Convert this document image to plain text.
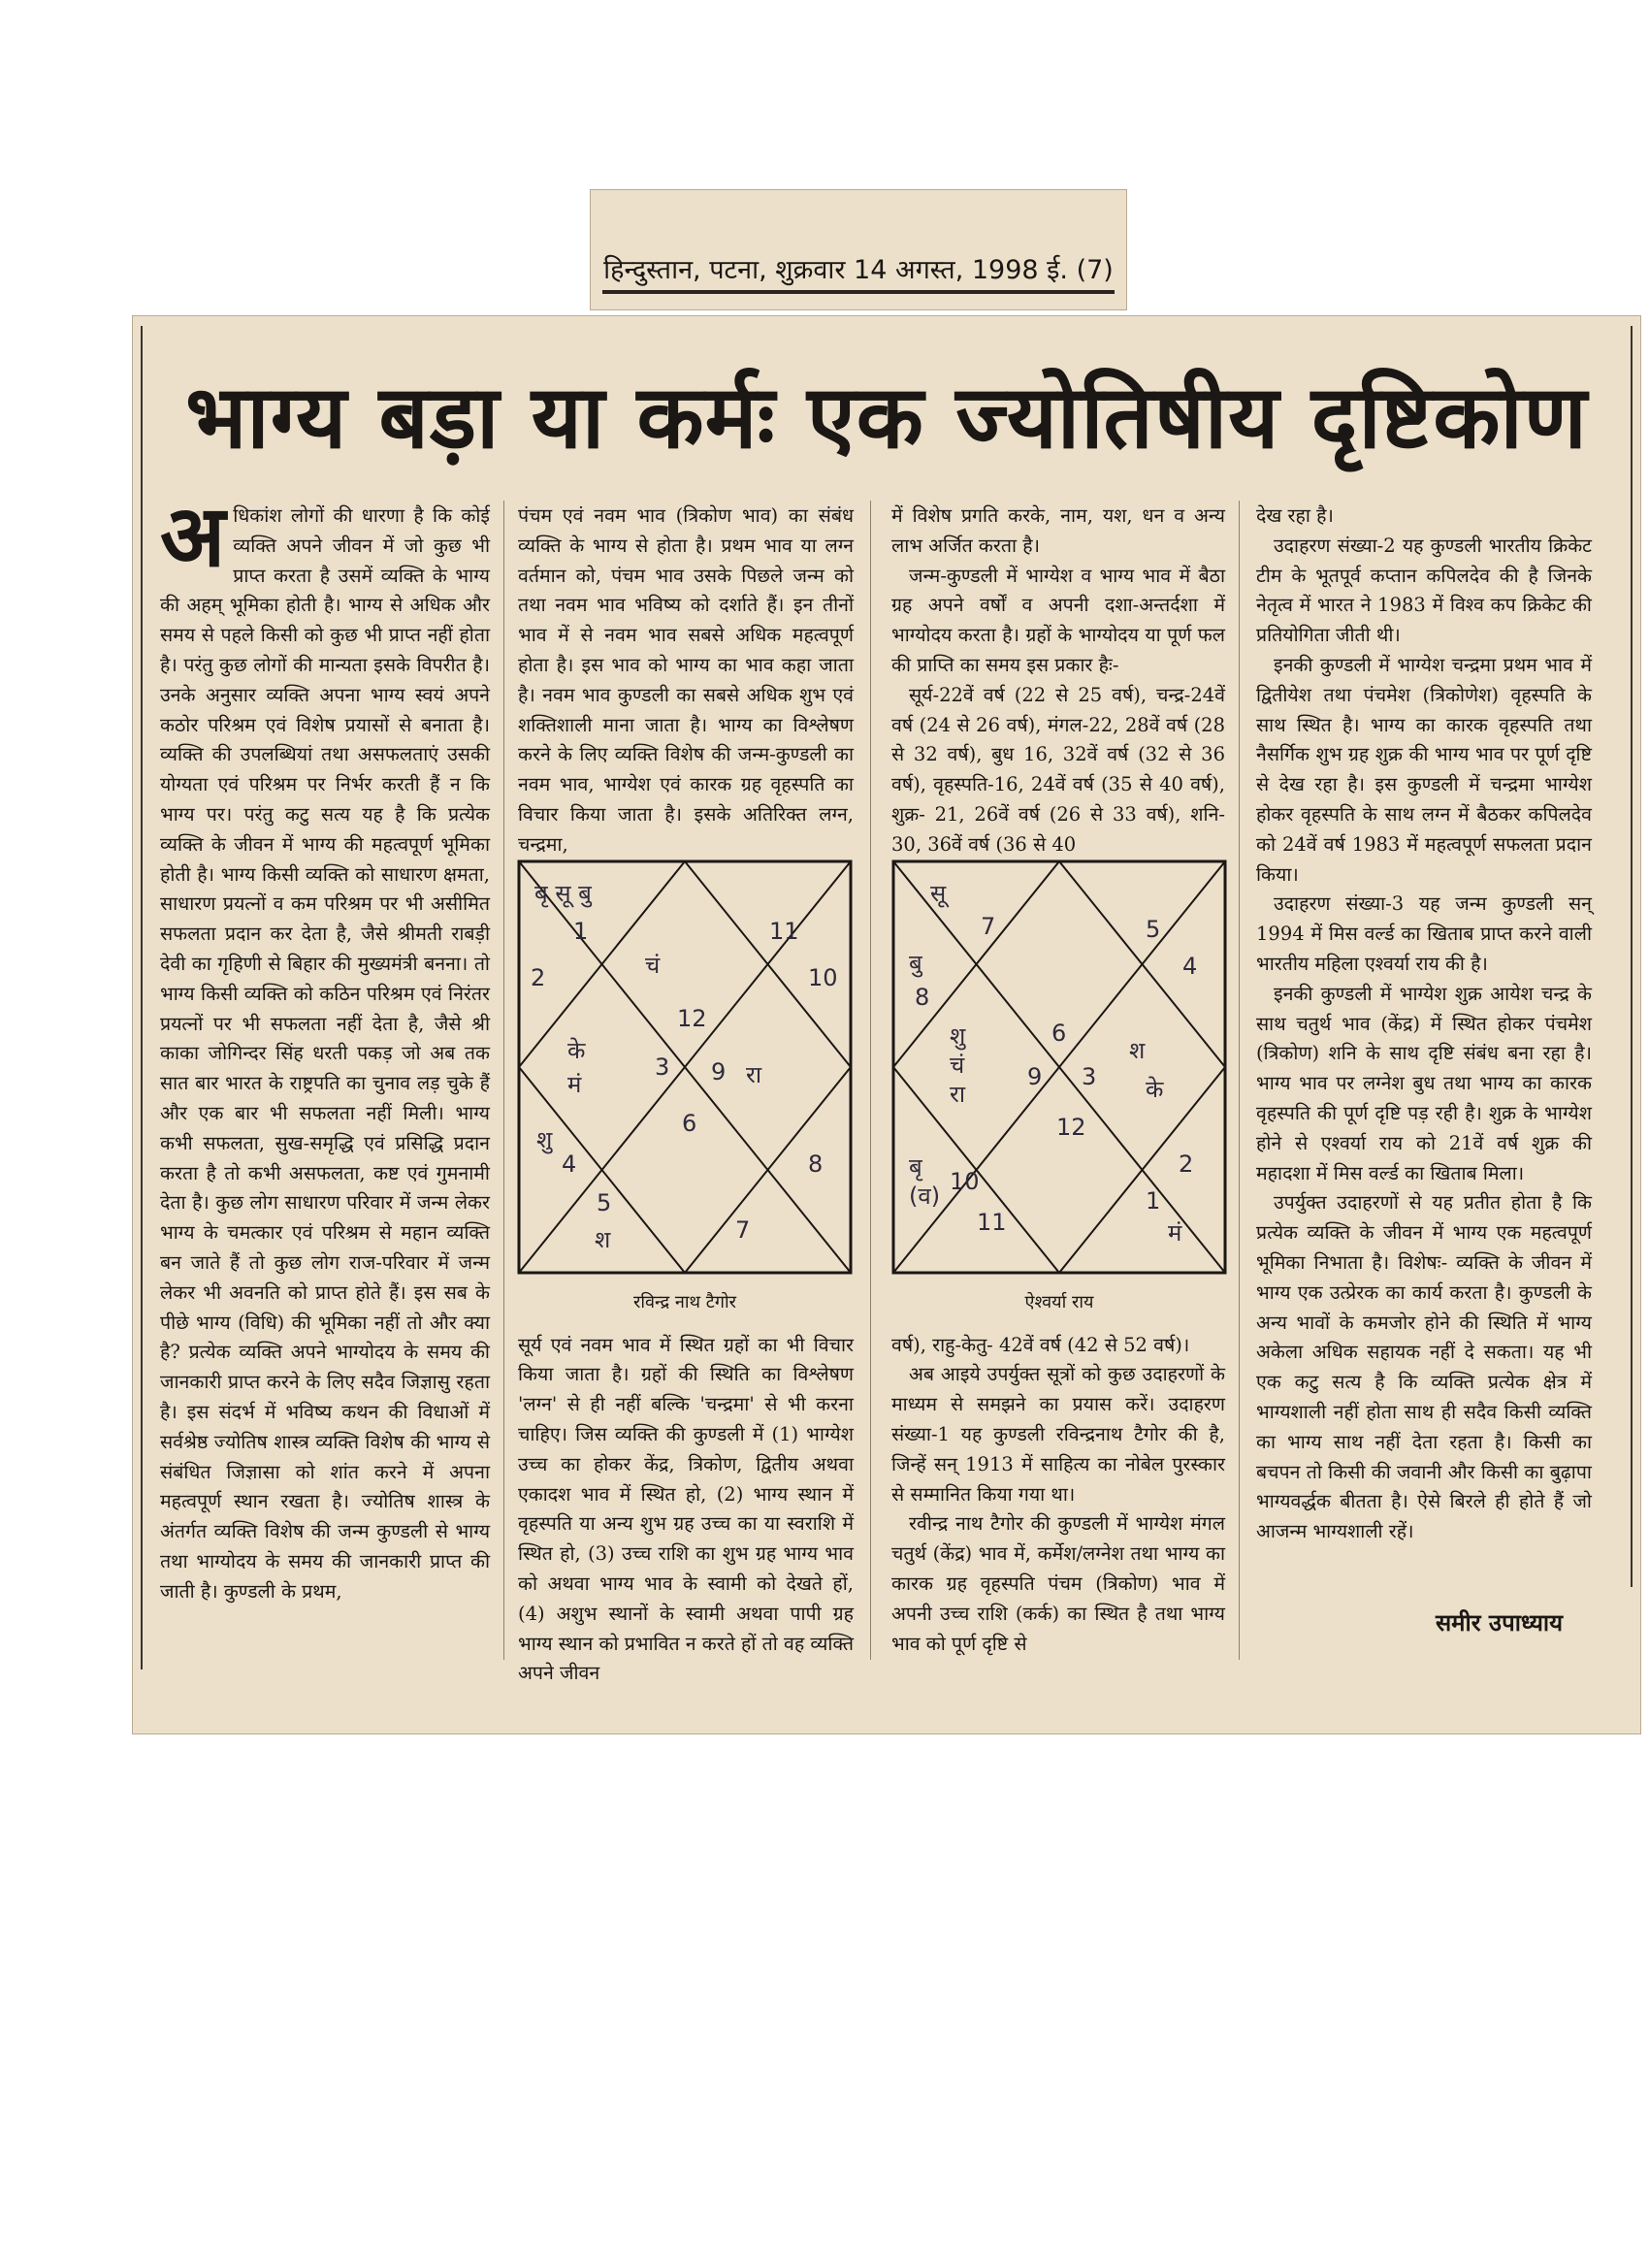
हिन्दुस्तान, पटना, शुक्रवार 14 अगस्त, 1998 ई. (7)
भाग्य बड़ा या कर्मः एक ज्योतिषीय दृष्टिकोण
अ धिकांश लोगों की धारणा है कि कोई व्यक्ति अपने जीवन में जो कुछ भी प्राप्त करता है उसमें व्यक्ति के भाग्य की अहम् भूमिका होती है। भाग्य से अधिक और समय से पहले किसी को कुछ भी प्राप्त नहीं होता है। परंतु कुछ लोगों की मान्यता इसके विपरीत है। उनके अनुसार व्यक्ति अपना भाग्य स्वयं अपने कठोर परिश्रम एवं विशेष प्रयासों से बनाता है। व्यक्ति की उपलब्धियां तथा असफलताएं उसकी योग्यता एवं परिश्रम पर निर्भर करती हैं न कि भाग्य पर। परंतु कटु सत्य यह है कि प्रत्येक व्यक्ति के जीवन में भाग्य की महत्वपूर्ण भूमिका होती है। भाग्य किसी व्यक्ति को साधारण क्षमता, साधारण प्रयत्नों व कम परिश्रम पर भी असीमित सफलता प्रदान कर देता है, जैसे श्रीमती राबड़ी देवी का गृहिणी से बिहार की मुख्यमंत्री बनना। तो भाग्य किसी व्यक्ति को कठिन परिश्रम एवं निरंतर प्रयत्नों पर भी सफलता नहीं देता है, जैसे श्री काका जोगिन्दर सिंह धरती पकड़ जो अब तक सात बार भारत के राष्ट्रपति का चुनाव लड़ चुके हैं और एक बार भी सफलता नहीं मिली। भाग्य कभी सफलता, सुख-समृद्धि एवं प्रसिद्धि प्रदान करता है तो कभी असफलता, कष्ट एवं गुमनामी देता है। कुछ लोग साधारण परिवार में जन्म लेकर भाग्य के चमत्कार एवं परिश्रम से महान व्यक्ति बन जाते हैं तो कुछ लोग राज-परिवार में जन्म लेकर भी अवनति को प्राप्त होते हैं। इस सब के पीछे भाग्य (विधि) की भूमिका नहीं तो और क्या है? प्रत्येक व्यक्ति अपने भाग्योदय के समय की जानकारी प्राप्त करने के लिए सदैव जिज्ञासु रहता है। इस संदर्भ में भविष्य कथन की विधाओं में सर्वश्रेष्ठ ज्योतिष शास्त्र व्यक्ति विशेष की भाग्य से संबंधित जिज्ञासा को शांत करने में अपना महत्वपूर्ण स्थान रखता है। ज्योतिष शास्त्र के अंतर्गत व्यक्ति विशेष की जन्म कुण्डली से भाग्य तथा भाग्योदय के समय की जानकारी प्राप्त की जाती है। कुण्डली के प्रथम,

पंचम एवं नवम भाव (त्रिकोण भाव) का संबंध व्यक्ति के भाग्य से होता है। प्रथम भाव या लग्न वर्तमान को, पंचम भाव उसके पिछले जन्म को तथा नवम भाव भविष्य को दर्शाते हैं। इन तीनों भाव में से नवम भाव सबसे अधिक महत्वपूर्ण होता है। इस भाव को भाग्य का भाव कहा जाता है। नवम भाव कुण्डली का सबसे अधिक शुभ एवं शक्तिशाली माना जाता है। भाग्य का विश्लेषण करने के लिए व्यक्ति विशेष की जन्म-कुण्डली का नवम भाव, भाग्येश एवं कारक ग्रह वृहस्पति का विचार किया जाता है। इसके अतिरिक्त लग्न, चन्द्रमा,

सूर्य एवं नवम भाव में स्थित ग्रहों का भी विचार किया जाता है। ग्रहों की स्थिति का विश्लेषण 'लग्न' से ही नहीं बल्कि 'चन्द्रमा' से भी करना चाहिए। जिस व्यक्ति की कुण्डली में (1) भाग्येश उच्च का होकर केंद्र, त्रिकोण, द्वितीय अथवा एकादश भाव में स्थित हो, (2) भाग्य स्थान में वृहस्पति या अन्य शुभ ग्रह उच्च का या स्वराशि में स्थित हो, (3) उच्च राशि का शुभ ग्रह भाग्य भाव को अथवा भाग्य भाव के स्वामी को देखते हों, (4) अशुभ स्थानों के स्वामी अथवा पापी ग्रह भाग्य स्थान को प्रभावित न करते हों तो वह व्यक्ति अपने जीवन

में विशेष प्रगति करके, नाम, यश, धन व अन्य लाभ अर्जित करता है।

जन्म-कुण्डली में भाग्येश व भाग्य भाव में बैठा ग्रह अपने वर्षों व अपनी दशा-अन्तर्दशा में भाग्योदय करता है। ग्रहों के भाग्योदय या पूर्ण फल की प्राप्ति का समय इस प्रकार हैः-

सूर्य-22वें वर्ष (22 से 25 वर्ष), चन्द्र-24वें वर्ष (24 से 26 वर्ष), मंगल-22, 28वें वर्ष (28 से 32 वर्ष), बुध 16, 32वें वर्ष (32 से 36 वर्ष), वृहस्पति-16, 24वें वर्ष (35 से 40 वर्ष), शुक्र- 21, 26वें वर्ष (26 से 33 वर्ष), शनि- 30, 36वें वर्ष (36 से 40

वर्ष), राहु-केतु- 42वें वर्ष (42 से 52 वर्ष)।

अब आइये उपर्युक्त सूत्रों को कुछ उदाहरणों के माध्यम से समझने का प्रयास करें। उदाहरण संख्या-1 यह कुण्डली रविन्द्रनाथ टैगोर की है, जिन्हें सन् 1913 में साहित्य का नोबेल पुरस्कार से सम्मानित किया गया था।

रवीन्द्र नाथ टैगोर की कुण्डली में भाग्येश मंगल चतुर्थ (केंद्र) भाव में, कर्मेश/लग्नेश तथा भाग्य का कारक ग्रह वृहस्पति पंचम (त्रिकोण) भाव में अपनी उच्च राशि (कर्क) का स्थित है तथा भाग्य भाव को पूर्ण दृष्टि से

देख रहा है।

उदाहरण संख्या-2 यह कुण्डली भारतीय क्रिकेट टीम के भूतपूर्व कप्तान कपिलदेव की है जिनके नेतृत्व में भारत ने 1983 में विश्व कप क्रिकेट की प्रतियोगिता जीती थी।

इनकी कुण्डली में भाग्येश चन्द्रमा प्रथम भाव में द्वितीयेश तथा पंचमेश (त्रिकोणेश) वृहस्पति के साथ स्थित है। भाग्य का कारक वृहस्पति तथा नैसर्गिक शुभ ग्रह शुक्र की भाग्य भाव पर पूर्ण दृष्टि से देख रहा है। इस कुण्डली में चन्द्रमा भाग्येश होकर वृहस्पति के साथ लग्न में बैठकर कपिलदेव को 24वें वर्ष 1983 में महत्वपूर्ण सफलता प्रदान किया।

उदाहरण संख्या-3 यह जन्म कुण्डली सन् 1994 में मिस वर्ल्ड का खिताब प्राप्त करने वाली भारतीय महिला एश्वर्या राय की है।

इनकी कुण्डली में भाग्येश शुक्र आयेश चन्द्र के साथ चतुर्थ भाव (केंद्र) में स्थित होकर पंचमेश (त्रिकोण) शनि के साथ दृष्टि संबंध बना रहा है। भाग्य भाव पर लग्नेश बुध तथा भाग्य का कारक वृहस्पति की पूर्ण दृष्टि पड़ रही है। शुक्र के भाग्येश होने से एश्वर्या राय को 21वें वर्ष शुक्र की महादशा में मिस वर्ल्ड का खिताब मिला।

उपर्युक्त उदाहरणों से यह प्रतीत होता है कि प्रत्येक व्यक्ति के जीवन में भाग्य एक महत्वपूर्ण भूमिका निभाता है। विशेषः- व्यक्ति के जीवन में भाग्य एक उत्प्रेरक का कार्य करता है। कुण्डली के अन्य भावों के कमजोर होने की स्थिति में भाग्य अकेला अधिक सहायक नहीं दे सकता। यह भी एक कटु सत्य है कि व्यक्ति प्रत्येक क्षेत्र में भाग्यशाली नहीं होता साथ ही सदैव किसी व्यक्ति का भाग्य साथ नहीं देता रहता है। किसी का बचपन तो किसी की जवानी और किसी का बुढ़ापा भाग्यवर्द्धक बीतता है। ऐसे बिरले ही होते हैं जो आजन्म भाग्यशाली रहें।

समीर उपाध्याय
रविन्द्र नाथ टैगोर
बृ सू बु
1
2	चं
11
10
12
के
मं
3 9 रा
6
शु
4	8
5
श	7
ऐश्वर्या राय
सू
7	5
4
बु
8
शु
चं
रा
6
श
9 3 के
12
बृ
(व)
10
11
2
1
मं
